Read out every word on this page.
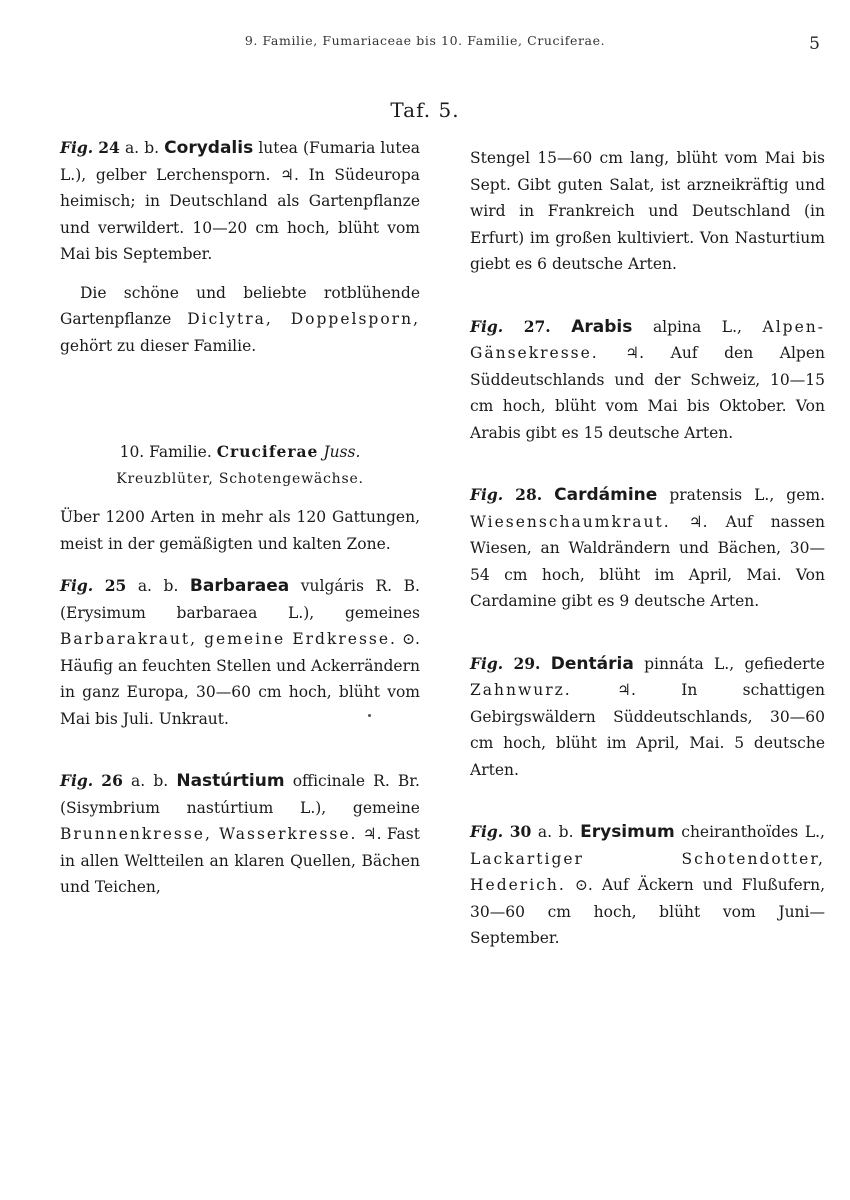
9. Familie, Fumariaceae bis 10. Familie, Cruciferae.	5
Taf. 5.

Fig. 24 a. b. Corydalis lutea (Fumaria lutea L.), gelber Lerchensporn. ♃. In Südeuropa heimisch; in Deutschland als Gartenpflanze und verwildert. 10—20 cm hoch, blüht vom Mai bis September.

Die schöne und beliebte rotblühende Gartenpflanze Diclytra, Doppelsporn, gehört zu dieser Familie.

10. Familie. Cruciferae Juss.

Kreuzblüter, Schotengewächse.

Über 1200 Arten in mehr als 120 Gattungen, meist in der gemäßigten und kalten Zone.

Fig. 25 a. b. Barbaraea vulgáris R. B. (Erysimum barbaraea L.), gemeines Barbarakraut, gemeine Erdkresse. ⊙. Häufig an feuchten Stellen und Ackerrändern in ganz Europa, 30—60 cm hoch, blüht vom Mai bis Juli. Unkraut.

Fig. 26 a. b. Nastúrtium officinale R. Br. (Sisymbrium nastúrtium L.), gemeine Brunnenkresse, Wasserkresse. ♃. Fast in allen Weltteilen an klaren Quellen, Bächen und Teichen,

Stengel 15—60 cm lang, blüht vom Mai bis Sept. Gibt guten Salat, ist arzneikräftig und wird in Frankreich und Deutschland (in Erfurt) im großen kultiviert. Von Nasturtium giebt es 6 deutsche Arten.

Fig. 27. Arabis alpina L., Alpen-Gänsekresse. ♃. Auf den Alpen Süddeutschlands und der Schweiz, 10—15 cm hoch, blüht vom Mai bis Oktober. Von Arabis gibt es 15 deutsche Arten.

Fig. 28. Cardámine pratensis L., gem. Wiesenschaumkraut. ♃. Auf nassen Wiesen, an Waldrändern und Bächen, 30—54 cm hoch, blüht im April, Mai. Von Cardamine gibt es 9 deutsche Arten.

Fig. 29. Dentária pinnáta L., gefiederte Zahnwurz.	♃. In schattigen Gebirgswäldern Süddeutschlands, 30—60 cm hoch, blüht im April, Mai. 5 deutsche Arten.

Fig. 30 a. b. Erysimum cheiranthoïdes L., Lackartiger Schotendotter, Hederich. ⊙. Auf Äckern und Flußufern, 30—60 cm hoch, blüht vom Juni—September.
